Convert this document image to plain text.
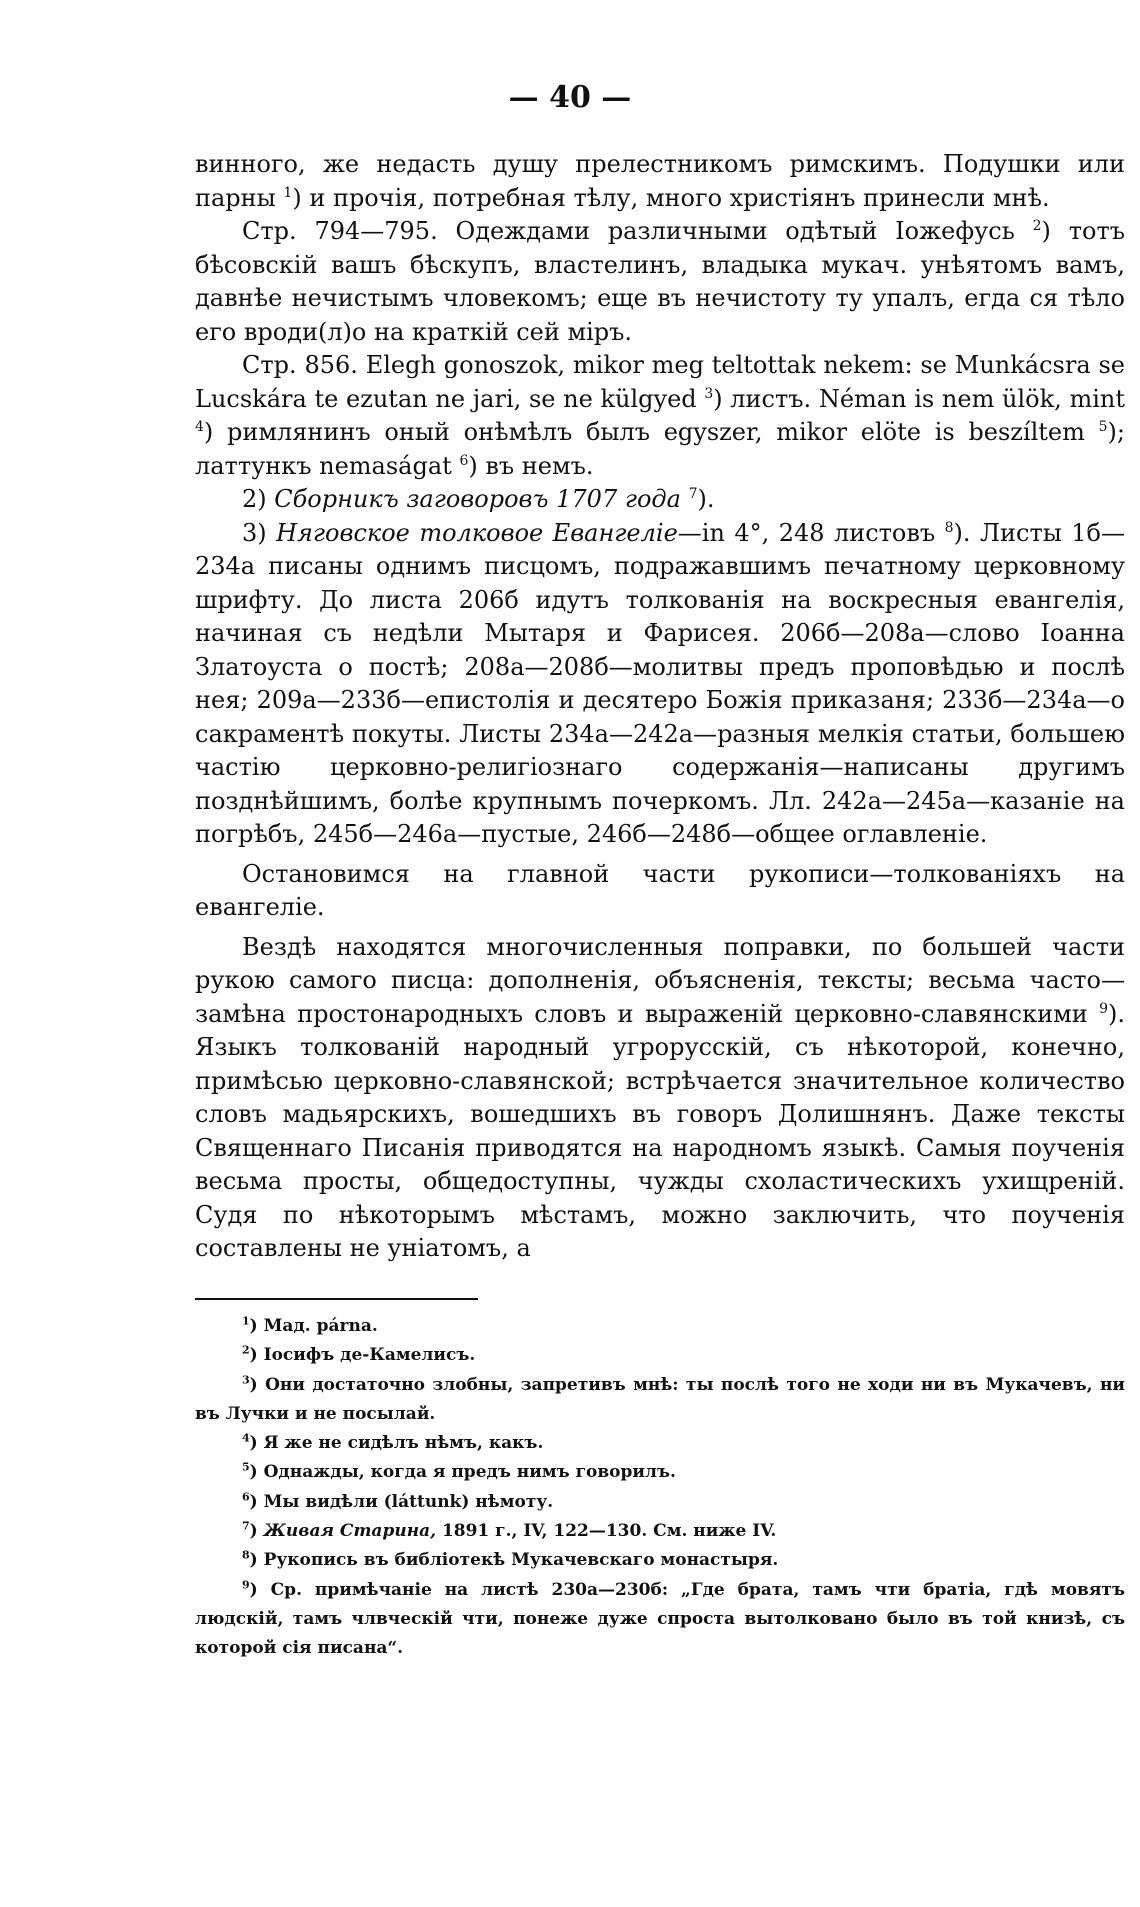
— 40 —

винного, же недасть душу прелестникомъ римскимъ. Подушки или парны $^1$) и прочія, потребная тѣлу, много христіянъ принесли мнѣ.

Стр. 794—795. Одеждами различными одѣтый Іожефусь $^2$) тотъ бѣсовскій вашъ бѣскупъ, властелинъ, владыка мукач. унѣятомъ вамъ, давнѣе нечистымъ чловекомъ; еще въ нечистоту ту упалъ, егда ся тѣло его вроди(л)о на краткій сей міръ.

Стр. 856. Elegh gonoszok, mikor meg teltottak nekem: se Munkácsra se Lucskára te ezutan ne jari, se ne külgyed $^3$) листъ. Néman is nem ülök, mint $^4$) римлянинъ оный онѣмѣлъ былъ egyszer, mikor elöte is beszíltem $^5$); латтункъ nemaságat $^6$) въ немъ.

2) Сборникъ заговоровъ 1707 года $^7$).

3) Няговское толковое Евангеліе—in 4°, 248 листовъ $^8$). Листы 1б—234а писаны однимъ писцомъ, подражавшимъ печатному церковному шрифту. До листа 206б идутъ толкованія на воскресныя евангелія, начиная съ недѣли Мытаря и Фарисея. 206б—208а—слово Іоанна Златоуста о постѣ; 208а—208б—молитвы предъ проповѣдью и послѣ нея; 209а—233б—епистолія и десятеро Божія приказаня; 233б—234а—о сакраментѣ покуты. Листы 234а—242а—разныя мелкія статьи, большею частію церковно-религіознаго содержанія—написаны другимъ позднѣйшимъ, болѣе крупнымъ почеркомъ. Лл. 242а—245а—казаніе на погрѣбъ, 245б—246а—пустые, 246б—248б—общее оглавленіе.

Остановимся на главной части рукописи—толкованіяхъ на евангеліе.

Вездѣ находятся многочисленныя поправки, по большей части рукою самого писца: дополненія, объясненія, тексты; весьма часто—замѣна простонародныхъ словъ и выраженій церковно-славянскими $^9$). Языкъ толкованій народный угрорусскій, съ нѣкоторой, конечно, примѣсью церковно-славянской; встрѣчается значительное количество словъ мадьярскихъ, вошедшихъ въ говоръ Долишнянъ. Даже тексты Священнаго Писанія приводятся на народномъ языкѣ. Самыя поученія весьма просты, общедоступны, чужды схоластическихъ ухищреній. Судя по нѣкоторымъ мѣстамъ, можно заключить, что поученія составлены не уніатомъ, а

$^1$) Мад. párna.

$^2$) Іосифъ де-Камелисъ.

$^3$) Они достаточно злобны, запретивъ мнѣ: ты послѣ того не ходи ни въ Мукачевъ, ни въ Лучки и не посылай.

$^4$) Я же не сидѣлъ нѣмъ, какъ.

$^5$) Однажды, когда я предъ нимъ говорилъ.

$^6$) Мы видѣли (láttunk) нѣмоту.

$^7$) Живая Старина, 1891 г., IV, 122—130. См. ниже IV.

$^8$) Рукопись въ библіотекѣ Мукачевскаго монастыря.

$^9$) Ср. примѣчаніе на листѣ 230а—230б: „Где брата, тамъ чти братіа, гдѣ мовятъ людскій, тамъ члвческій чти, понеже дуже спроста вытолковано было въ той книзѣ, съ которой сія писана“.
